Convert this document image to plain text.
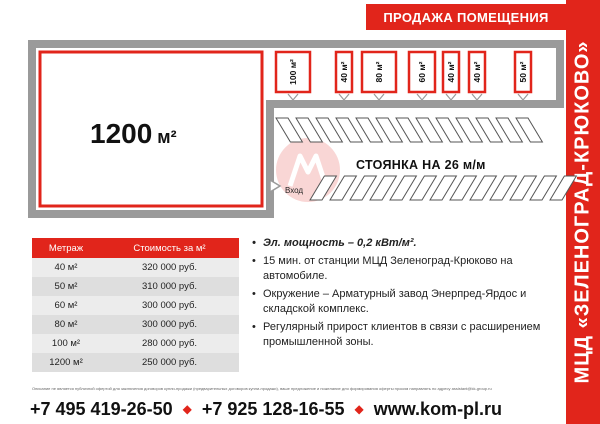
МЦД «ЗЕЛЕНОГРАД-КРЮКОВО»
ПРОДАЖА ПОМЕЩЕНИЯ
1200 м²
100 м²	40 м²	80 м²	60 м² 40 м² 40 м²	50 м²
Вход
СТОЯНКА НА 26 м/м
Метраж	Стоимость за м²
40 м²	320 000 руб.
50 м²	310 000 руб.
60 м²	300 000 руб.
80 м²	300 000 руб.
100 м²	280 000 руб.
1200 м²	250 000 руб.
• Эл. мощность – 0,2 кВт/м².
• 15 мин. от станции МЦД Зеленоград-Крюково на автомобиле.
• Окружение – Арматурный завод Энерпред-Ярдос и складской комплекс.
• Регулярный прирост клиентов в связи с расширением промышленной зоны.
Описание не является публичной офертой для заключения договоров купли-продажи (предварительных договоров купли-продажи), ваше предложение и пожелание для формирования оферты просим направлять по адресу assistant@kk-group.ru
+7 495 419-26-50 ◆ +7 925 128-16-55 ◆ www.kom-pl.ru
